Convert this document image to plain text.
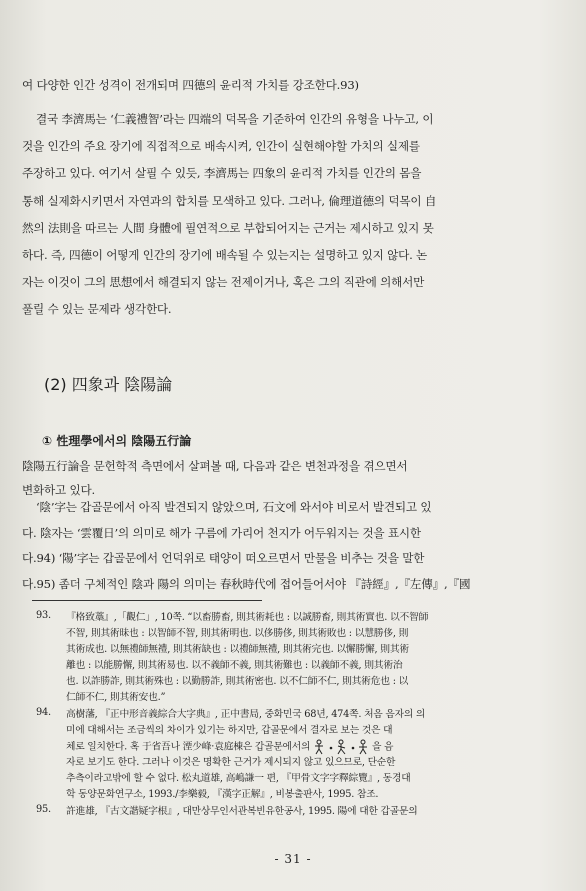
여 다양한 인간 성격이 전개되며 四德의 윤리적 가치를 강조한다.93)
결국 李濟馬는 ‘仁義禮智’라는 四端의 덕목을 기준하여 인간의 유형을 나누고, 이
것을 인간의 주요 장기에 직접적으로 배속시켜, 인간이 실현해야할 가치의 실제를
주장하고 있다. 여기서 살필 수 있듯, 李濟馬는 四象의 윤리적 가치를 인간의 몸을
통해 실제화시키면서 자연과의 합치를 모색하고 있다. 그러나, 倫理道德의 덕목이 自
然의 法則을 따르는 人間 身體에 필연적으로 부합되어지는 근거는 제시하고 있지 못
하다. 즉, 四德이 어떻게 인간의 장기에 배속될 수 있는지는 설명하고 있지 않다. 논
자는 이것이 그의 思想에서 해결되지 않는 전제이거나, 혹은 그의 직관에 의해서만
풀릴 수 있는 문제라 생각한다.
(2) 四象과 陰陽論
① 性理學에서의 陰陽五行論
陰陽五行論을 문헌학적 측면에서 살펴볼 때, 다음과 같은 변천과정을 겪으면서
변화하고 있다.
‘陰’字는 갑골문에서 아직 발견되지 않았으며, 石文에 와서야 비로서 발견되고 있
다. 陰자는 ‘雲覆日’의 의미로 해가 구름에 가리어 천지가 어두워지는 것을 표시한
다.94) ‘陽’字는 갑골문에서 언덕위로 태양이 떠오르면서 만물을 비추는 것을 말한
다.95) 좀더 구체적인 陰과 陽의 의미는 春秋時代에 접어들어서야 『詩經』,『左傳』,『國
93.	『格致藁』,「觀仁」, 10쪽. “以畜勝畜, 則其術耗也 : 以誠勝畜, 則其術實也. 以不智師
不智, 則其術昧也 : 以智師不智, 則其術明也. 以侈勝侈, 則其術敗也 : 以慧勝侈, 則
其術成也. 以無禮師無禮, 則其術缺也 : 以禮師無禮, 則其術完也. 以懈勝懈, 則其術
離也 : 以能勝懈, 則其術易也. 以不義師不義, 則其術難也 : 以義師不義, 則其術治
也. 以詐勝詐, 則其術殊也 : 以勤勝詐, 則其術密也. 以不仁師不仁, 則其術危也 : 以
仁師不仁, 則其術安也.”
94.	高樹藩, 『正中形音義綜合大字典』, 正中書局, 중화민국 68년, 474쪽. 처음 음자의 의
미에 대해서는 조금씩의 차이가 있기는 하지만, 갑골문에서 결자로 보는 것은 대
체로 일치한다. 혹 于省吾나 湮少峰·袁庭棟은 갑골문에서의	을 음
자로 보기도 한다. 그러나 이것은 명확한 근거가 제시되지 않고 있으므로, 단순한
추측이라고밖에 할 수 없다. 松丸道雄, 高嶋謙一 편, 『甲骨文字字釋綜覽』, 동경대
학 동양문화연구소, 1993./李樂毅, 『漢字正解』, 비봉출판사, 1995. 참조.
95.	許進雄, 『古文諧疑字根』, 대만상무인서관복빈유한공사, 1995. 陽에 대한 갑골문의
- 31 -
